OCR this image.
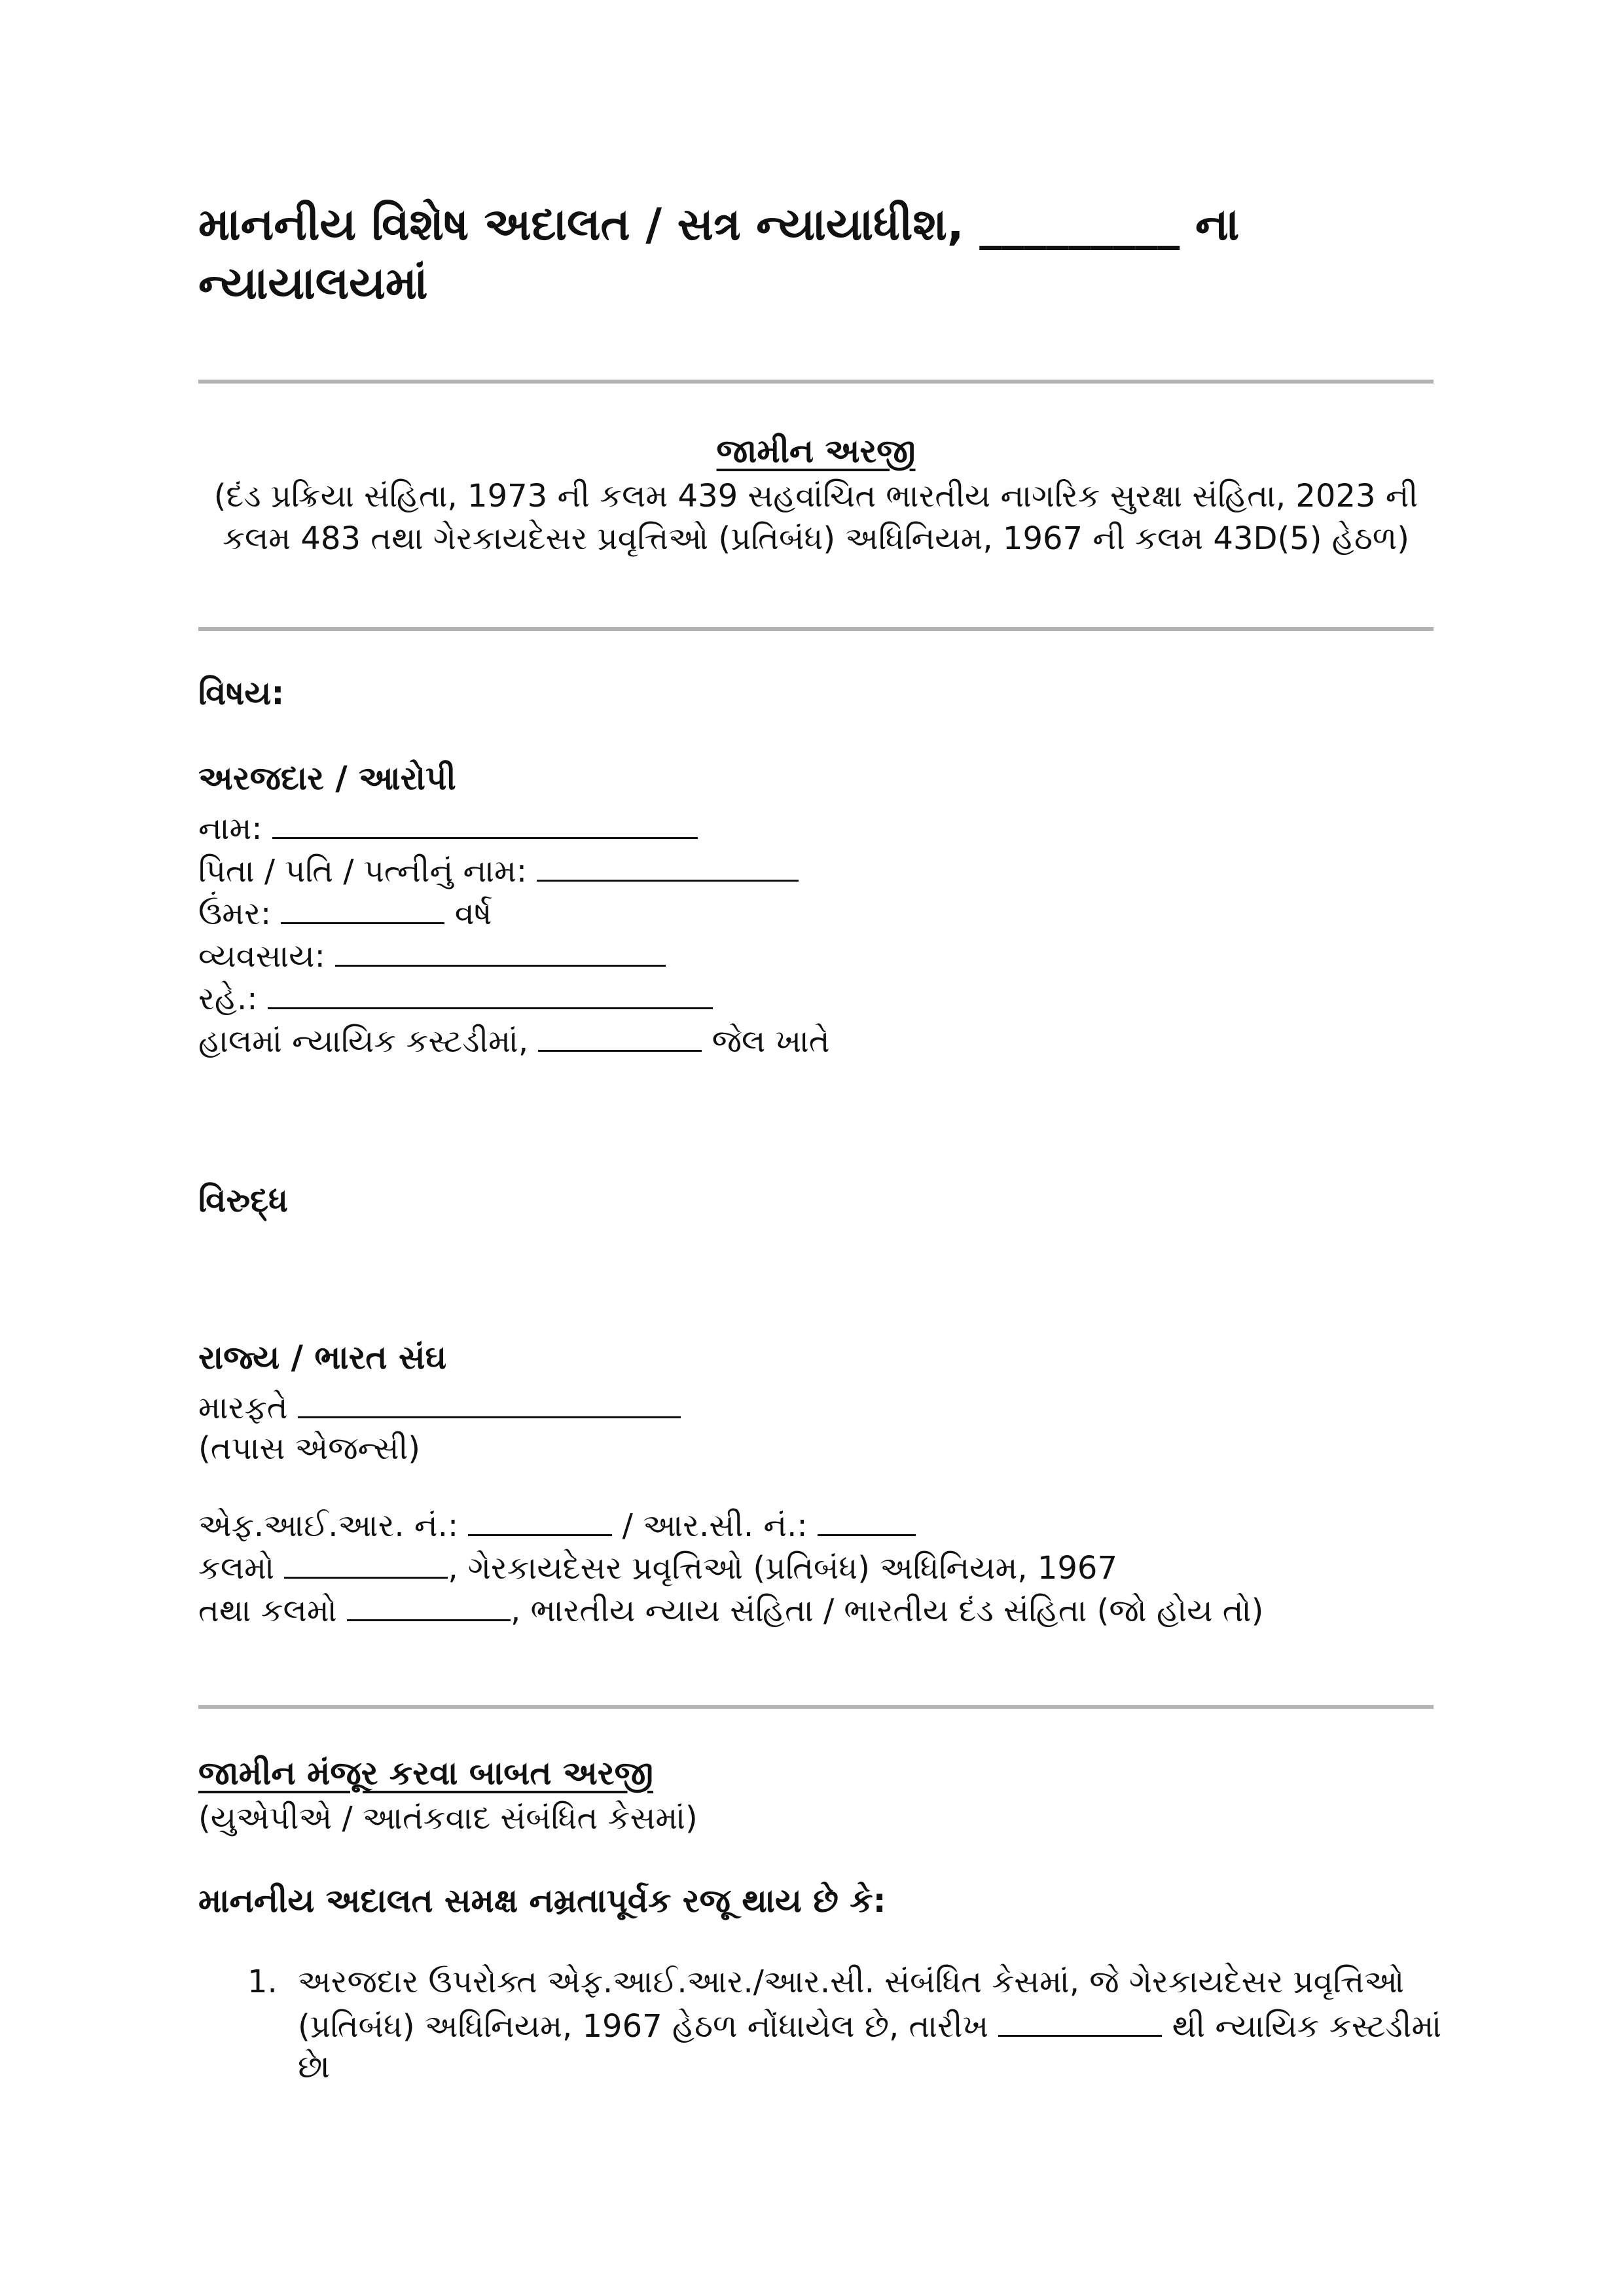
માનનીય વિશેષ અદાલત / સત્ર ન્યાયાધીશ, _________ ના
ન્યાયાલયમાં
જામીન અરજી
(દંડ પ્રક્રિયા સંહિતા, 1973 ની કલમ 439 સહવાંચિત ભારતીય નાગરિક સુરક્ષા સંહિતા, 2023 ની
કલમ 483 તથા ગેરકાયદેસર પ્રવૃત્તિઓ (પ્રતિબંધ) અધિનિયમ, 1967 ની કલમ 43D(5) હેઠળ)
વિષય:
અરજદાર / આરોપી
નામ:
પિતા / પતિ / પત્નીનું નામ:
ઉંમર:	વર્ષ
વ્યવસાય:
રહે.:
હાલમાં ન્યાયિક કસ્ટડીમાં,	જેલ ખાતે
વિરુદ્ધ
રાજ્ય / ભારત સંઘ
મારફતે
(તપાસ એજન્સી)
એફ.આઈ.આર. નં.:	/ આર.સી. નં.:
કલમો	, ગેરકાયદેસર પ્રવૃત્તિઓ (પ્રતિબંધ) અધિનિયમ, 1967
તથા કલમો	, ભારતીય ન્યાય સંહિતા / ભારતીય દંડ સંહિતા (જો હોય તો)
જામીન મંજૂર કરવા બાબત અરજી
(યુએપીએ / આતંકવાદ સંબંધિત કેસમાં)
માનનીય અદાલત સમક્ષ નમ્રતાપૂર્વક રજૂ થાય છે કે:
1. અરજદાર ઉપરોક્ત એફ.આઈ.આર./આર.સી. સંબંધિત કેસમાં, જે ગેરકાયદેસર પ્રવૃત્તિઓ
(પ્રતિબંધ) અધિનિયમ, 1967 હેઠળ નોંધાયેલ છે, તારીખ	થી ન્યાયિક કસ્ટડીમાં
છે।
